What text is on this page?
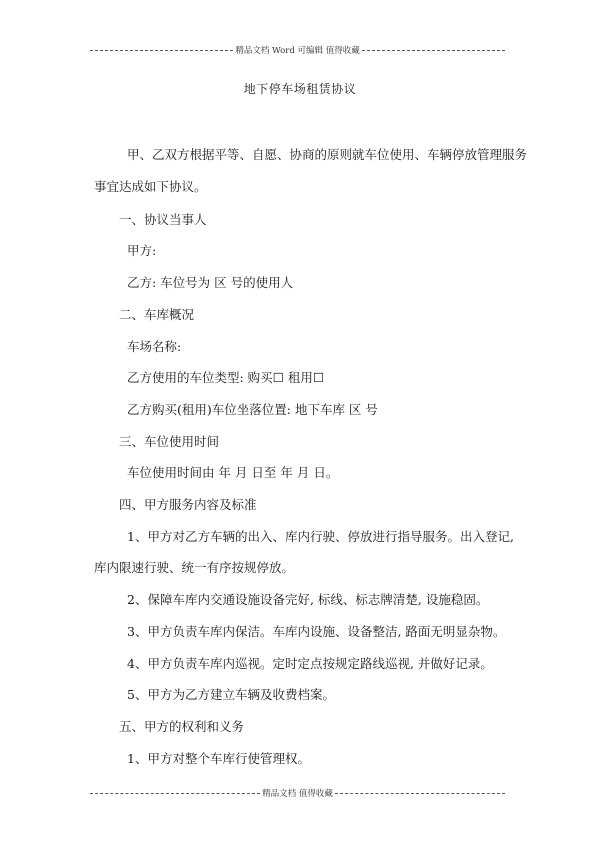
精品文档 Word 可编辑 值得收藏
地下停车场租赁协议
甲、乙双方根据平等、自愿、协商的原则就车位使用、车辆停放管理服务
事宜达成如下协议。
一、协议当事人
甲方:
乙方: 车位号为 区 号的使用人
二、车库概况
车场名称:
乙方使用的车位类型: 购买☐ 租用☐
乙方购买(租用)车位坐落位置: 地下车库 区 号
三、车位使用时间
车位使用时间由 年 月 日至 年 月 日。
四、甲方服务内容及标准
1、甲方对乙方车辆的出入、库内行驶、停放进行指导服务。出入登记,
库内限速行驶、统一有序按规停放。
2、保障车库内交通设施设备完好, 标线、标志牌清楚, 设施稳固。
3、甲方负责车库内保洁。车库内设施、设备整洁, 路面无明显杂物。
4、甲方负责车库内巡视。定时定点按规定路线巡视, 并做好记录。
5、甲方为乙方建立车辆及收费档案。
五、甲方的权利和义务
1、甲方对整个车库行使管理权。
精品文档 值得收藏
